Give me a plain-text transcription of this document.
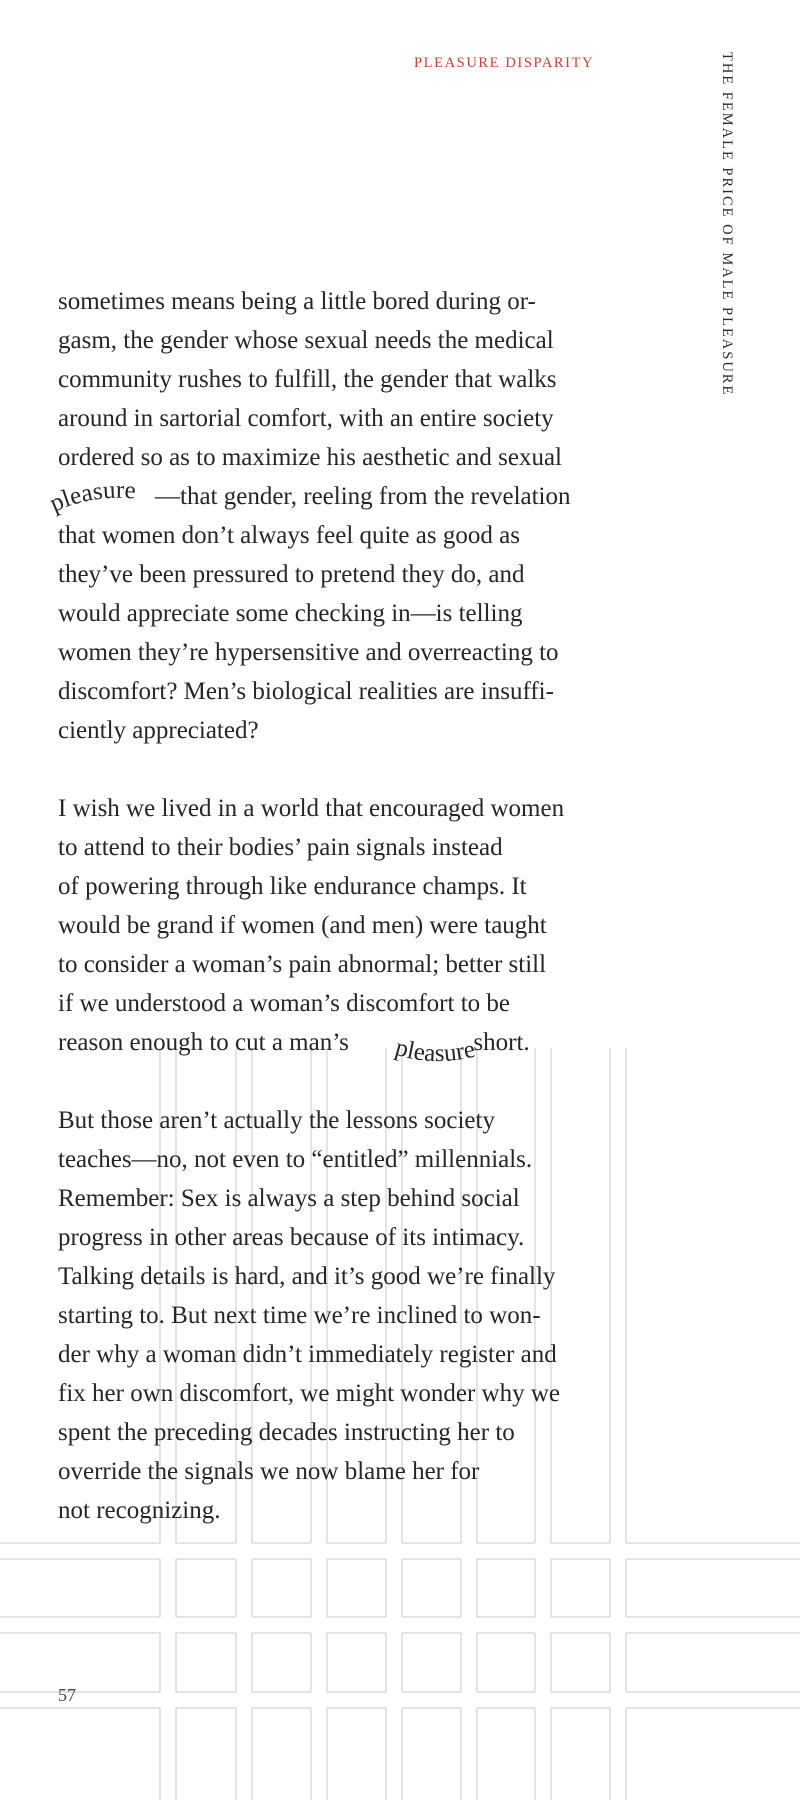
PLEASURE DISPARITY	THE FEMALE PRICE OF MALE PLEASURE

sometimes means being a little bored during or-

gasm, the gender whose sexual needs the medical

community rushes to fulfill, the gender that walks

around in sartorial comfort, with an entire society

ordered so as to maximize his aesthetic and sexual

—that gender, reeling from the revelation

that women don’t always feel quite as good as

they’ve been pressured to pretend they do, and

would appreciate some checking in—is telling

women they’re hypersensitive and overreacting to

discomfort? Men’s biological realities are insuffi-

ciently appreciated?

I wish we lived in a world that encouraged women

to attend to their bodies’ pain signals instead

of powering through like endurance champs. It

would be grand if women (and men) were taught

to consider a woman’s pain abnormal; better still

if we understood a woman’s discomfort to be

reason enough to cut a man’s	short.

But those aren’t actually the lessons society

teaches—no, not even to “entitled” millennials.

Remember: Sex is always a step behind social

progress in other areas because of its intimacy.

Talking details is hard, and it’s good we’re finally

starting to. But next time we’re inclined to won-

der why a woman didn’t immediately register and

fix her own discomfort, we might wonder why we

spent the preceding decades instructing her to

override the signals we now blame her for

not recognizing.

pleasure
pleasure
57
